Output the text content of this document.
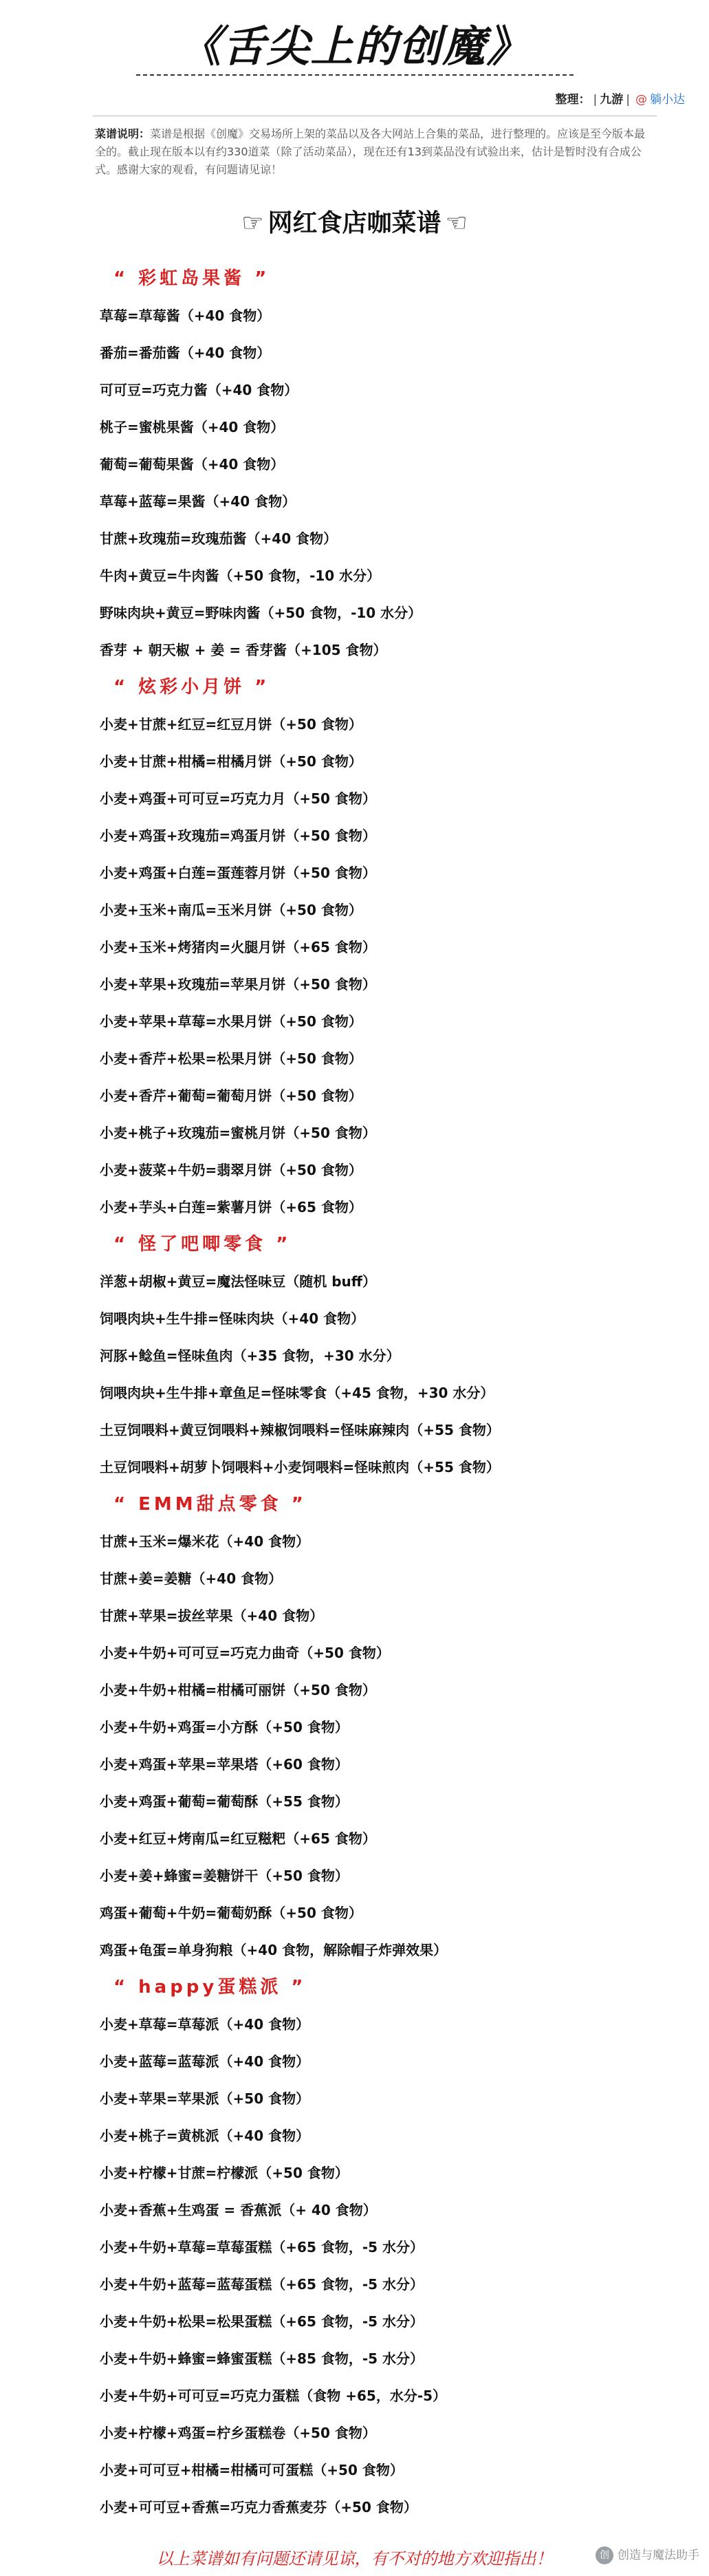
《舌尖上的创魔》
整理： | 九游 | @ 躺小达
菜谱说明：菜谱是根据《创魔》交易场所上架的菜品以及各大网站上合集的菜品，进行整理的。应该是至今版本最全的。截止现在版本以有约330道菜（除了活动菜品），现在还有13到菜品没有试验出来，估计是暂时没有合成公式。感谢大家的观看，有问题请见谅！
☞ 网红食店咖菜谱 ☜
“ 彩虹岛果酱 ”
草莓=草莓酱（+40 食物）
番茄=番茄酱（+40 食物）
可可豆=巧克力酱（+40 食物）
桃子=蜜桃果酱（+40 食物）
葡萄=葡萄果酱（+40 食物）
草莓+蓝莓=果酱（+40 食物）
甘蔗+玫瑰茄=玫瑰茄酱（+40 食物）
牛肉+黄豆=牛肉酱（+50 食物，-10 水分）
野味肉块+黄豆=野味肉酱（+50 食物，-10 水分）
香芽 + 朝天椒 + 姜 = 香芽酱（+105 食物）
“ 炫彩小月饼 ”
小麦+甘蔗+红豆=红豆月饼（+50 食物）
小麦+甘蔗+柑橘=柑橘月饼（+50 食物）
小麦+鸡蛋+可可豆=巧克力月（+50 食物）
小麦+鸡蛋+玫瑰茄=鸡蛋月饼（+50 食物）
小麦+鸡蛋+白莲=蛋莲蓉月饼（+50 食物）
小麦+玉米+南瓜=玉米月饼（+50 食物）
小麦+玉米+烤猪肉=火腿月饼（+65 食物）
小麦+苹果+玫瑰茄=苹果月饼（+50 食物）
小麦+苹果+草莓=水果月饼（+50 食物）
小麦+香芹+松果=松果月饼（+50 食物）
小麦+香芹+葡萄=葡萄月饼（+50 食物）
小麦+桃子+玫瑰茄=蜜桃月饼（+50 食物）
小麦+菠菜+牛奶=翡翠月饼（+50 食物）
小麦+芋头+白莲=紫薯月饼（+65 食物）
“ 怪了吧唧零食 ”
洋葱+胡椒+黄豆=魔法怪味豆（随机 buff）
饲喂肉块+生牛排=怪味肉块（+40 食物）
河豚+鲶鱼=怪味鱼肉（+35 食物，+30 水分）
饲喂肉块+生牛排+章鱼足=怪味零食（+45 食物，+30 水分）
土豆饲喂料+黄豆饲喂料+辣椒饲喂料=怪味麻辣肉（+55 食物）
土豆饲喂料+胡萝卜饲喂料+小麦饲喂料=怪味煎肉（+55 食物）
“ EMM甜点零食 ”
甘蔗+玉米=爆米花（+40 食物）
甘蔗+姜=姜糖（+40 食物）
甘蔗+苹果=拔丝苹果（+40 食物）
小麦+牛奶+可可豆=巧克力曲奇（+50 食物）
小麦+牛奶+柑橘=柑橘可丽饼（+50 食物）
小麦+牛奶+鸡蛋=小方酥（+50 食物）
小麦+鸡蛋+苹果=苹果塔（+60 食物）
小麦+鸡蛋+葡萄=葡萄酥（+55 食物）
小麦+红豆+烤南瓜=红豆糍粑（+65 食物）
小麦+姜+蜂蜜=姜糖饼干（+50 食物）
鸡蛋+葡萄+牛奶=葡萄奶酥（+50 食物）
鸡蛋+龟蛋=单身狗粮（+40 食物，解除帽子炸弹效果）
“ happy蛋糕派 ”
小麦+草莓=草莓派（+40 食物）
小麦+蓝莓=蓝莓派（+40 食物）
小麦+苹果=苹果派（+50 食物）
小麦+桃子=黄桃派（+40 食物）
小麦+柠檬+甘蔗=柠檬派（+50 食物）
小麦+香蕉+生鸡蛋 = 香蕉派（+ 40 食物）
小麦+牛奶+草莓=草莓蛋糕（+65 食物，-5 水分）
小麦+牛奶+蓝莓=蓝莓蛋糕（+65 食物，-5 水分）
小麦+牛奶+松果=松果蛋糕（+65 食物，-5 水分）
小麦+牛奶+蜂蜜=蜂蜜蛋糕（+85 食物，-5 水分）
小麦+牛奶+可可豆=巧克力蛋糕（食物 +65，水分-5）
小麦+柠檬+鸡蛋=柠乡蛋糕卷（+50 食物）
小麦+可可豆+柑橘=柑橘可可蛋糕（+50 食物）
小麦+可可豆+香蕉=巧克力香蕉麦芬（+50 食物）
以上菜谱如有问题还请见谅，有不对的地方欢迎指出！	创 创造与魔法助手
